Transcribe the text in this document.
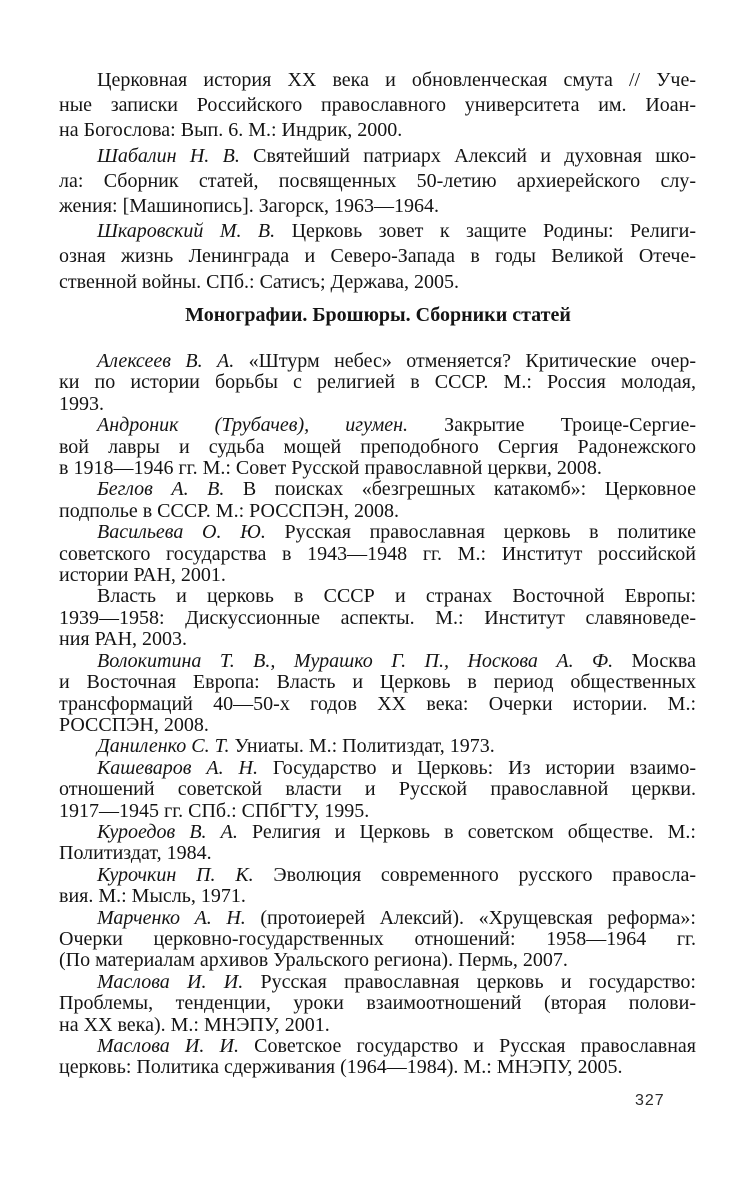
Церковная история XX века и обновленческая смута // Уче-
ные записки Российского православного университета им. Иоан-
на Богослова: Вып. 6. М.: Индрик, 2000.
Шабалин Н. В. Святейший патриарх Алексий и духовная шко-
ла: Сборник статей, посвященных 50-летию архиерейского слу-
жения: [Машинопись]. Загорск, 1963—1964.
Шкаровский М. В. Церковь зовет к защите Родины: Религи-
озная жизнь Ленинграда и Северо-Запада в годы Великой Отече-
ственной войны. СПб.: Сатисъ; Держава, 2005.
Монографии. Брошюры. Сборники статей
Алексеев В. А. «Штурм небес» отменяется? Критические очер-
ки по истории борьбы с религией в СССР. М.: Россия молодая,
1993.
Андроник (Трубачев), игумен. Закрытие Троице-Сергие-
вой лавры и судьба мощей преподобного Сергия Радонежского
в 1918—1946 гг. М.: Совет Русской православной церкви, 2008.
Беглов А. В. В поисках «безгрешных катакомб»: Церковное
подполье в СССР. М.: РОССПЭН, 2008.
Васильева О. Ю. Русская православная церковь в политике
советского государства в 1943—1948 гг. М.: Институт российской
истории РАН, 2001.
Власть и церковь в СССР и странах Восточной Европы:
1939—1958: Дискуссионные аспекты. М.: Институт славяноведе-
ния РАН, 2003.
Волокитина Т. В., Мурашко Г. П., Носкова А. Ф. Москва
и Восточная Европа: Власть и Церковь в период общественных
трансформаций 40—50-х годов XX века: Очерки истории. М.:
РОССПЭН, 2008.
Даниленко С. Т. Униаты. М.: Политиздат, 1973.
Кашеваров А. Н. Государство и Церковь: Из истории взаимо-
отношений советской власти и Русской православной церкви.
1917—1945 гг. СПб.: СПбГТУ, 1995.
Куроедов В. А. Религия и Церковь в советском обществе. М.:
Политиздат, 1984.
Курочкин П. К. Эволюция современного русского правосла-
вия. М.: Мысль, 1971.
Марченко А. Н. (протоиерей Алексий). «Хрущевская реформа»:
Очерки церковно-государственных отношений: 1958—1964 гг.
(По материалам архивов Уральского региона). Пермь, 2007.
Маслова И. И. Русская православная церковь и государство:
Проблемы, тенденции, уроки взаимоотношений (вторая полови-
на XX века). М.: МНЭПУ, 2001.
Маслова И. И. Советское государство и Русская православная
церковь: Политика сдерживания (1964—1984). М.: МНЭПУ, 2005.
327
